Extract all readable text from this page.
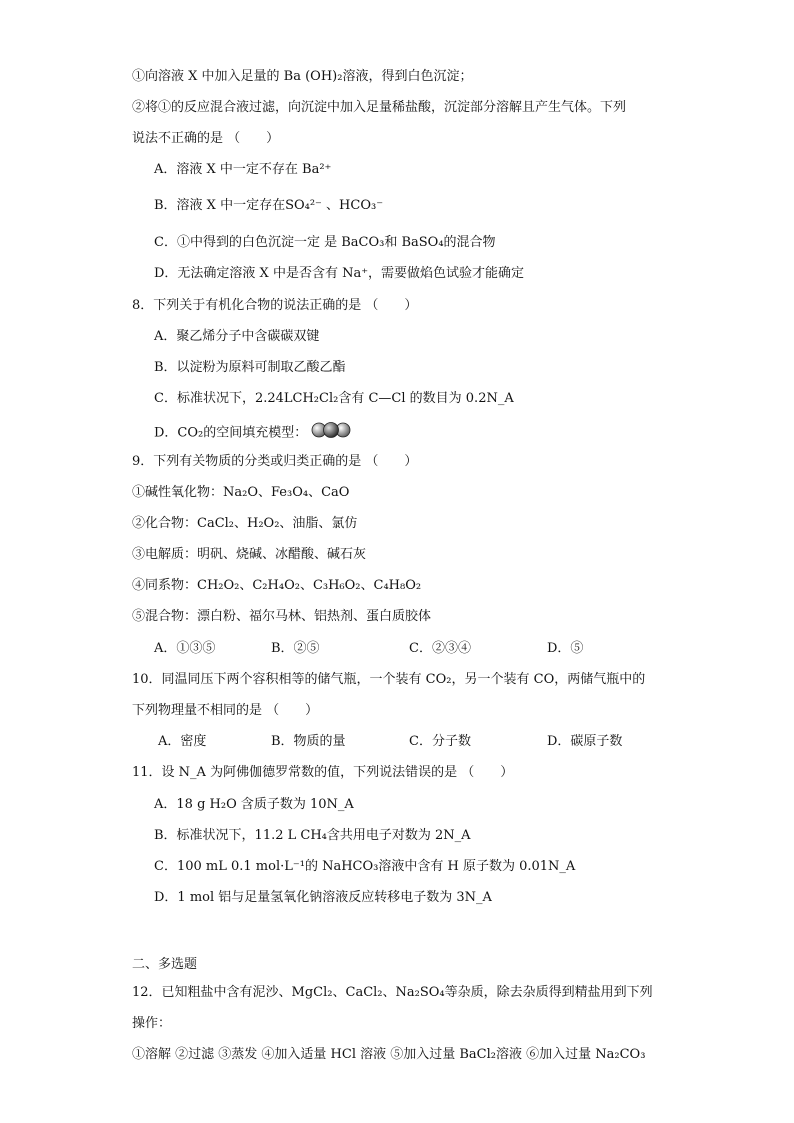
①向溶液 X 中加入足量的 Ba (OH)₂溶液，得到白色沉淀；
②将①的反应混合液过滤，向沉淀中加入足量稀盐酸，沉淀部分溶解且产生气体。下列
说法不正确的是 （　　）
A．溶液 X 中一定不存在 Ba²⁺
B．溶液 X 中一定存在SO₄²⁻ 、HCO₃⁻
C．①中得到的白色沉淀一定 是 BaCO₃和 BaSO₄的混合物
D．无法确定溶液 X 中是否含有 Na⁺，需要做焰色试验才能确定
8．下列关于有机化合物的说法正确的是 （　　）
A．聚乙烯分子中含碳碳双键
B．以淀粉为原料可制取乙酸乙酯
C．标准状况下，2.24LCH₂Cl₂含有 C—Cl 的数目为 0.2N_A
D．CO₂的空间填充模型：
9．下列有关物质的分类或归类正确的是 （　　）
①碱性氧化物：Na₂O、Fe₃O₄、CaO
②化合物：CaCl₂、H₂O₂、油脂、氯仿
③电解质：明矾、烧碱、冰醋酸、碱石灰
④同系物：CH₂O₂、C₂H₄O₂、C₃H₆O₂、C₄H₈O₂
⑤混合物：漂白粉、福尔马林、铝热剂、蛋白质胶体
A．①③⑤	B．②⑤	C．②③④	D．⑤
10．同温同压下两个容积相等的储气瓶，一个装有 CO₂，另一个装有 CO，两储气瓶中的
下列物理量不相同的是 （　　）
A．密度	B．物质的量	C．分子数	D．碳原子数
11．设 N_A 为阿佛伽德罗常数的值，下列说法错误的是 （　　）
A．18 g H₂O 含质子数为 10N_A
B．标准状况下，11.2 L CH₄含共用电子对数为 2N_A
C．100 mL 0.1 mol·L⁻¹的 NaHCO₃溶液中含有 H 原子数为 0.01N_A
D．1 mol 铝与足量氢氧化钠溶液反应转移电子数为 3N_A
二、多选题
12．已知粗盐中含有泥沙、MgCl₂、CaCl₂、Na₂SO₄等杂质，除去杂质得到精盐用到下列
操作：
①溶解 ②过滤 ③蒸发 ④加入适量 HCl 溶液 ⑤加入过量 BaCl₂溶液 ⑥加入过量 Na₂CO₃
